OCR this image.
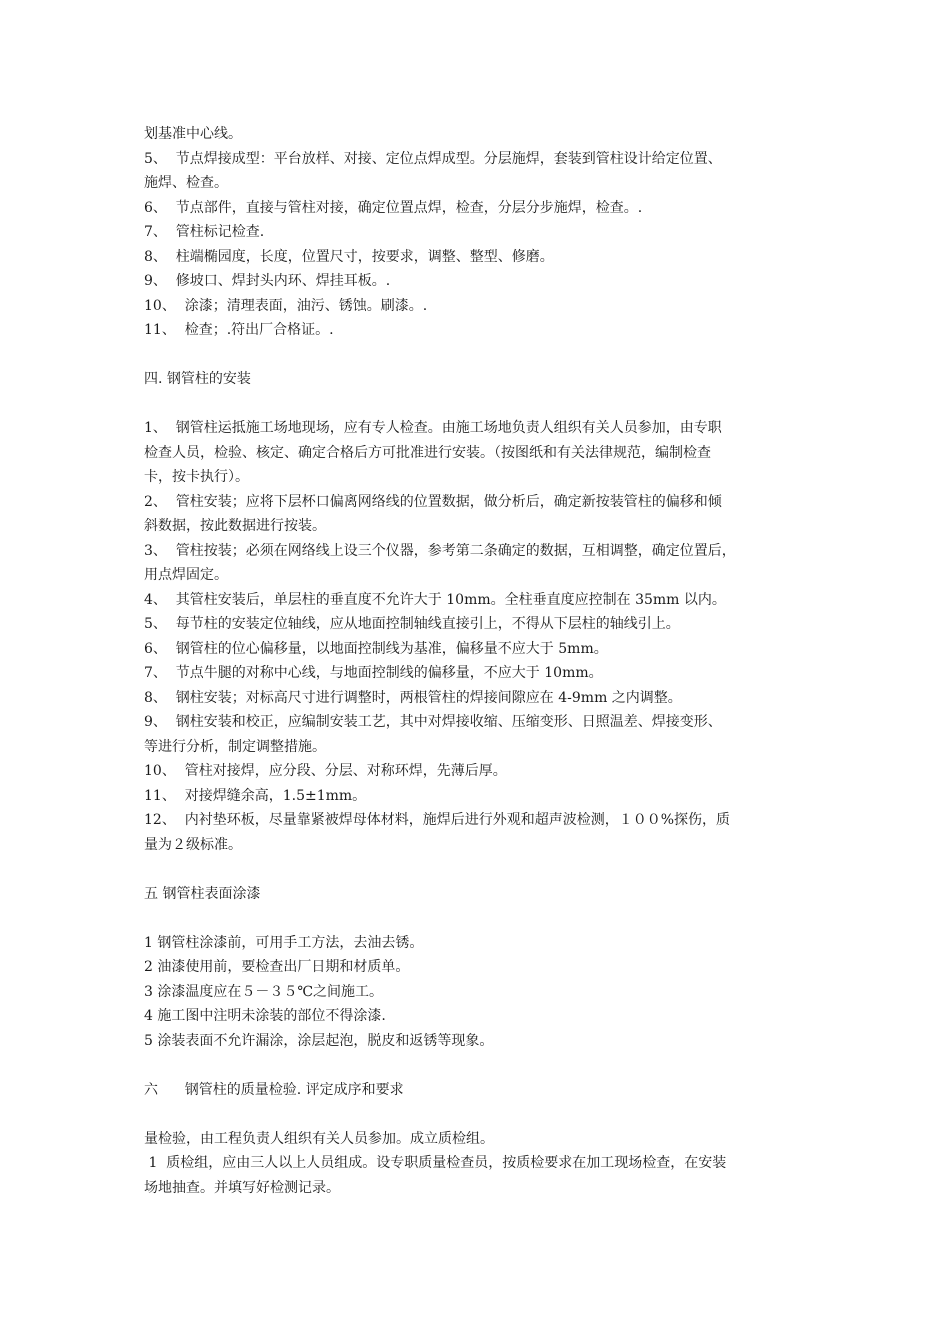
划基准中心线。
5、  节点焊接成型：平台放样、对接、定位点焊成型。分层施焊，套装到管柱设计给定位置、
施焊、检查。
6、  节点部件，直接与管柱对接，确定位置点焊，检查，分层分步施焊，检查。.
7、  管柱标记检查.
8、  柱端椭园度，长度，位置尺寸，按要求，调整、整型、修磨。
9、  修坡口、焊封头内环、焊挂耳板。.
10、  涂漆；清理表面，油污、锈蚀。刷漆。.
11、  检查；.符出厂合格证。.
四. 钢管柱的安装
1、  钢管柱运抵施工场地现场，应有专人检查。由施工场地负责人组织有关人员参加，由专职
检查人员，检验、核定、确定合格后方可批准进行安装。（按图纸和有关法律规范，编制检查
卡，按卡执行）。
2、  管柱安装；应将下层杯口偏离网络线的位置数据，做分析后，确定新按装管柱的偏移和倾
斜数据，按此数据进行按装。
3、  管柱按装；必须在网络线上设三个仪器，参考第二条确定的数据，互相调整，确定位置后，
用点焊固定。
4、  其管柱安装后，单层柱的垂直度不允许大于 10mm。全柱垂直度应控制在 35mm 以内。
5、  每节柱的安装定位轴线，应从地面控制轴线直接引上，不得从下层柱的轴线引上。
6、  钢管柱的位心偏移量，以地面控制线为基准，偏移量不应大于 5mm。
7、  节点牛腿的对称中心线，与地面控制线的偏移量，不应大于 10mm。
8、  钢柱安装；对标高尺寸进行调整时，两根管柱的焊接间隙应在 4-9mm 之内调整。
9、  钢柱安装和校正，应编制安装工艺，其中对焊接收缩、压缩变形、日照温差、焊接变形、
等进行分析，制定调整措施。
10、  管柱对接焊，应分段、分层、对称环焊，先薄后厚。
11、  对接焊缝余高，1.5±1mm。
12、  内衬垫环板，尽量靠紧被焊母体材料，施焊后进行外观和超声波检测，１００%探伤，质
量为２级标准。
五 钢管柱表面涂漆
1 钢管柱涂漆前，可用手工方法，去油去锈。
2 油漆使用前，要检查出厂日期和材质单。
3 涂漆温度应在５－３５℃之间施工。
4 施工图中注明未涂装的部位不得涂漆.
5 涂装表面不允许漏涂，涂层起泡，脱皮和返锈等现象。
六      钢管柱的质量检验. 评定成序和要求
量检验，由工程负责人组织有关人员参加。成立质检组。
1  质检组，应由三人以上人员组成。设专职质量检查员，按质检要求在加工现场检查，在安装
场地抽查。并填写好检测记录。
